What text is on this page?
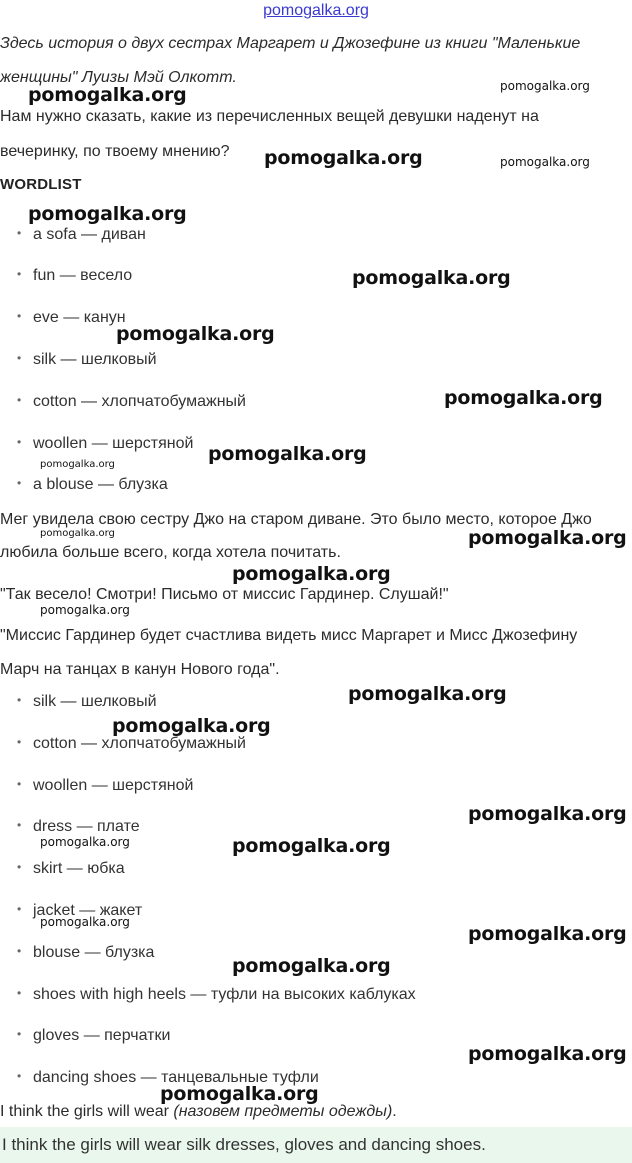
pomogalka.org
Здесь история о двух сестрах Маргарет и Джозефине из книги "Маленькие
женщины" Луизы Мэй Олкотт.
Нам нужно сказать, какие из перечисленных вещей девушки наденут на
вечеринку, по твоему мнению?
WORDLIST
• a sofa — диван
• fun — весело
• eve — канун
• silk — шелковый
• cotton — хлопчатобумажный
• woollen — шерстяной
• a blouse — блузка
Мег увидела свою сестру Джо на старом диване. Это было место, которое Джо
любила больше всего, когда хотела почитать.
"Так весело! Смотри! Письмо от миссис Гардинер. Слушай!"
"Миссис Гардинер будет счастлива видеть мисс Маргарет и Мисс Джозефину
Марч на танцах в канун Нового года".
• silk — шелковый
• cotton — хлопчатобумажный
• woollen — шерстяной
• dress — плате
• skirt — юбка
• jacket — жакет
• blouse — блузка
• shoes with high heels — туфли на высоких каблуках
• gloves — перчатки
• dancing shoes — танцевальные туфли
I think the girls will wear (назовем предметы одежды).
I think the girls will wear silk dresses, gloves and dancing shoes.
pomogalka.org	pomogalka.org
pomogalka.org	pomogalka.org
pomogalka.org
pomogalka.org
pomogalka.org
pomogalka.org
pomogalka.org
pomogalka.org
pomogalka.org	pomogalka.org
pomogalka.org
pomogalka.org
pomogalka.org
pomogalka.org
pomogalka.org
pomogalka.org	pomogalka.org
pomogalka.org
pomogalka.org
pomogalka.org
pomogalka.org
pomogalka.org
